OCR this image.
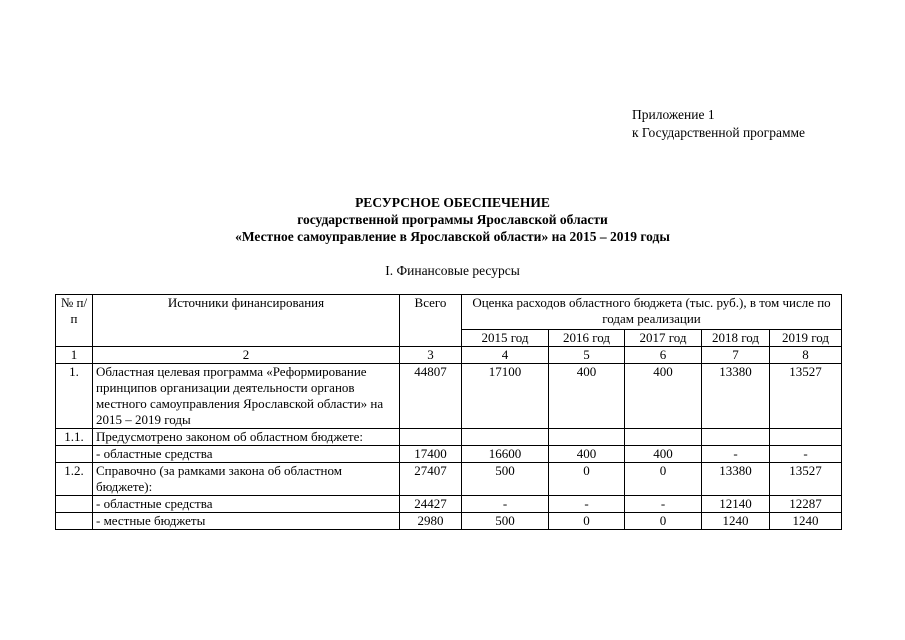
Приложение 1
к Государственной программе
РЕСУРСНОЕ ОБЕСПЕЧЕНИЕ
государственной программы Ярославской области
«Местное самоуправление в Ярославской области» на 2015 – 2019 годы
I. Финансовые ресурсы
№ п/п	Источники финансирования	Всего	Оценка расходов областного бюджета (тыс. руб.), в том числе по годам реализации				
			2015 год	2016 год	2017 год	2018 год	2019 год
1	2	3	4	5	6	7	8
1.	Областная целевая программа «Реформирование принципов организации деятельности органов местного самоуправления Ярославской области» на 2015 – 2019 годы	44807	17100	400	400	13380	13527
1.1.	Предусмотрено законом об областном бюджете:						
	- областные средства	17400	16600	400	400	-	-
1.2.	Справочно (за рамками закона об областном бюджете):	27407	500	0	0	13380	13527
	- областные средства	24427	-	-	-	12140	12287
	- местные бюджеты	2980	500	0	0	1240	1240
